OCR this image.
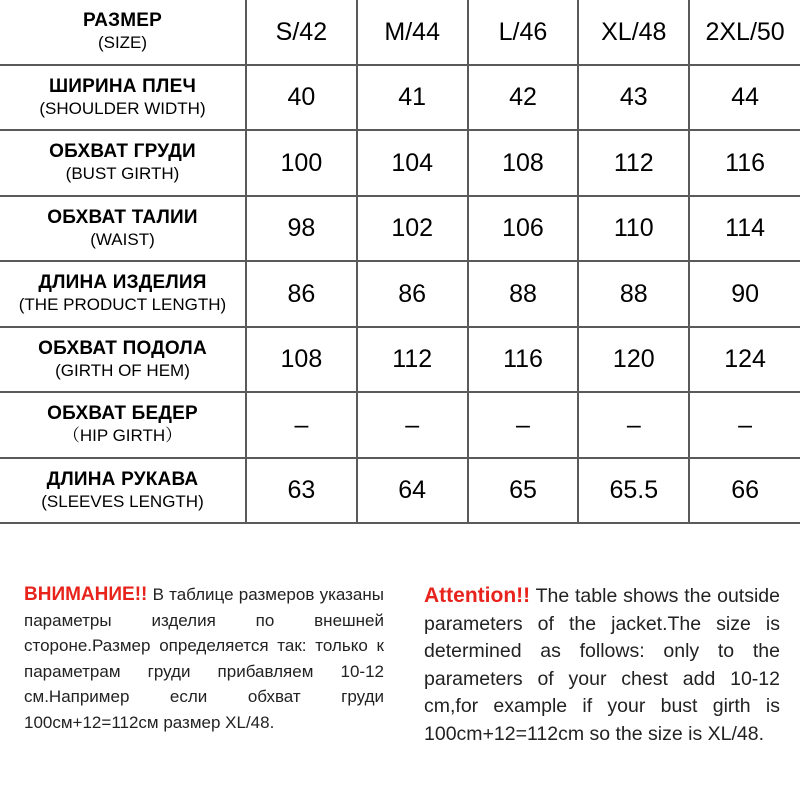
РАЗМЕР
(SIZE)	S/42	M/44	L/46	XL/48	2XL/50

ШИРИНА ПЛЕЧ
(SHOULDER WIDTH)	40	41	42	43	44

ОБХВАТ ГРУДИ
(BUST GIRTH)	100	104	108	112	116

ОБХВАТ ТАЛИИ
(WAIST)	98	102	106	110	114

ДЛИНА ИЗДЕЛИЯ
(THE PRODUCT LENGTH)	86	86	88	88	90

ОБХВАТ ПОДОЛА
(GIRTH OF HEM)	108	112	116	120	124

ОБХВАТ БЕДЕР
（HIP GIRTH）	–	–	–	–	–

ДЛИНА РУКАВА
(SLEEVES LENGTH)	63	64	65	65.5	66
ВНИМАНИЕ!! В таблице размеров указаны параметры изделия по внешней стороне.Размер определяется так: только к параметрам груди прибавляем 10-12 см.Например если обхват груди 100см+12=112см размер XL/48.
Attention!! The table shows the outside parameters of the jacket.The size is determined as follows: only to the parameters of your chest add 10-12 cm,for example if your bust girth is 100cm+12=112cm so the size is XL/48.
